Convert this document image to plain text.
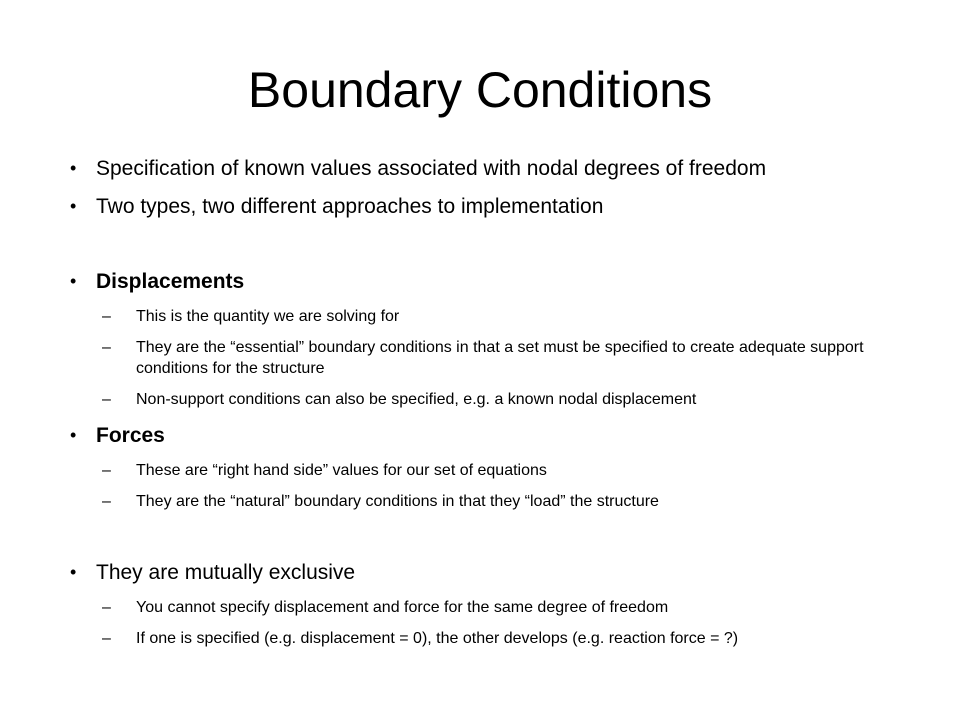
Boundary Conditions
• Specification of known values associated with nodal degrees of freedom
• Two types, two different approaches to implementation
• Displacements
– This is the quantity we are solving for
– They are the “essential” boundary conditions in that a set must be specified to create adequate support conditions for the structure
– Non-support conditions can also be specified, e.g. a known nodal displacement
• Forces
– These are “right hand side” values for our set of equations
– They are the “natural” boundary conditions in that they “load” the structure
• They are mutually exclusive
– You cannot specify displacement and force for the same degree of freedom
– If one is specified (e.g. displacement = 0), the other develops (e.g. reaction force = ?)
